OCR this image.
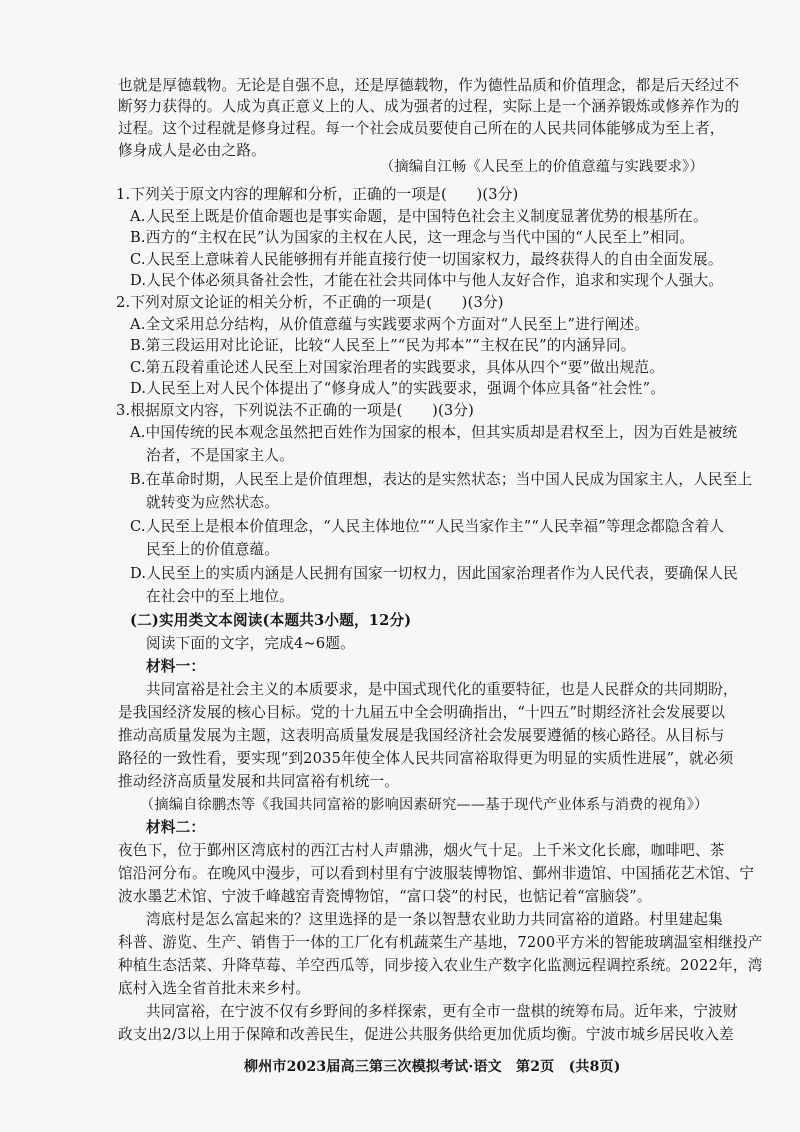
也就是厚德载物。无论是自强不息，还是厚德载物，作为德性品质和价值理念，都是后天经过不
断努力获得的。人成为真正意义上的人、成为强者的过程，实际上是一个涵养锻炼或修养作为的
过程。这个过程就是修身过程。每一个社会成员要使自己所在的人民共同体能够成为至上者，
修身成人是必由之路。
（摘编自江畅《人民至上的价值意蕴与实践要求》）
1.下列关于原文内容的理解和分析，正确的一项是(　　)(3分)
A.人民至上既是价值命题也是事实命题，是中国特色社会主义制度显著优势的根基所在。
B.西方的“主权在民”认为国家的主权在人民，这一理念与当代中国的“人民至上”相同。
C.人民至上意味着人民能够拥有并能直接行使一切国家权力，最终获得人的自由全面发展。
D.人民个体必须具备社会性，才能在社会共同体中与他人友好合作，追求和实现个人强大。
2.下列对原文论证的相关分析，不正确的一项是(　　)(3分)
A.全文采用总分结构，从价值意蕴与实践要求两个方面对“人民至上”进行阐述。
B.第三段运用对比论证，比较“人民至上”“民为邦本”“主权在民”的内涵异同。
C.第五段着重论述人民至上对国家治理者的实践要求，具体从四个“要”做出规范。
D.人民至上对人民个体提出了“修身成人”的实践要求，强调个体应具备“社会性”。
3.根据原文内容，下列说法不正确的一项是(　　)(3分)
A.中国传统的民本观念虽然把百姓作为国家的根本，但其实质却是君权至上，因为百姓是被统
治者，不是国家主人。
B.在革命时期，人民至上是价值理想，表达的是实然状态；当中国人民成为国家主人，人民至上
就转变为应然状态。
C.人民至上是根本价值理念，“人民主体地位”“人民当家作主”“人民幸福”等理念都隐含着人
民至上的价值意蕴。
D.人民至上的实质内涵是人民拥有国家一切权力，因此国家治理者作为人民代表，要确保人民
在社会中的至上地位。
(二)实用类文本阅读(本题共3小题，12分)
阅读下面的文字，完成4~6题。
材料一：
共同富裕是社会主义的本质要求，是中国式现代化的重要特征，也是人民群众的共同期盼，
是我国经济发展的核心目标。党的十九届五中全会明确指出，“十四五”时期经济社会发展要以
推动高质量发展为主题，这表明高质量发展是我国经济社会发展要遵循的核心路径。从目标与
路径的一致性看，要实现“到2035年使全体人民共同富裕取得更为明显的实质性进展”，就必须
推动经济高质量发展和共同富裕有机统一。
（摘编自徐鹏杰等《我国共同富裕的影响因素研究——基于现代产业体系与消费的视角》）
材料二：
夜色下，位于鄞州区湾底村的西江古村人声鼎沸，烟火气十足。上千米文化长廊，咖啡吧、茶
馆沿河分布。在晚风中漫步，可以看到村里有宁波服装博物馆、鄞州非遗馆、中国插花艺术馆、宁
波水墨艺术馆、宁波千峰越窑青瓷博物馆，“富口袋”的村民，也惦记着“富脑袋”。
湾底村是怎么富起来的？这里选择的是一条以智慧农业助力共同富裕的道路。村里建起集
科普、游览、生产、销售于一体的工厂化有机蔬菜生产基地，7200平方米的智能玻璃温室相继投产
种植生态活菜、升降草莓、羊空西瓜等，同步接入农业生产数字化监测远程调控系统。2022年，湾
底村入选全省首批未来乡村。
共同富裕，在宁波不仅有乡野间的多样探索，更有全市一盘棋的统筹布局。近年来，宁波财
政支出2/3以上用于保障和改善民生，促进公共服务供给更加优质均衡。宁波市城乡居民收入差
柳州市2023届高三第三次模拟考试·语文　第2页　(共8页)
